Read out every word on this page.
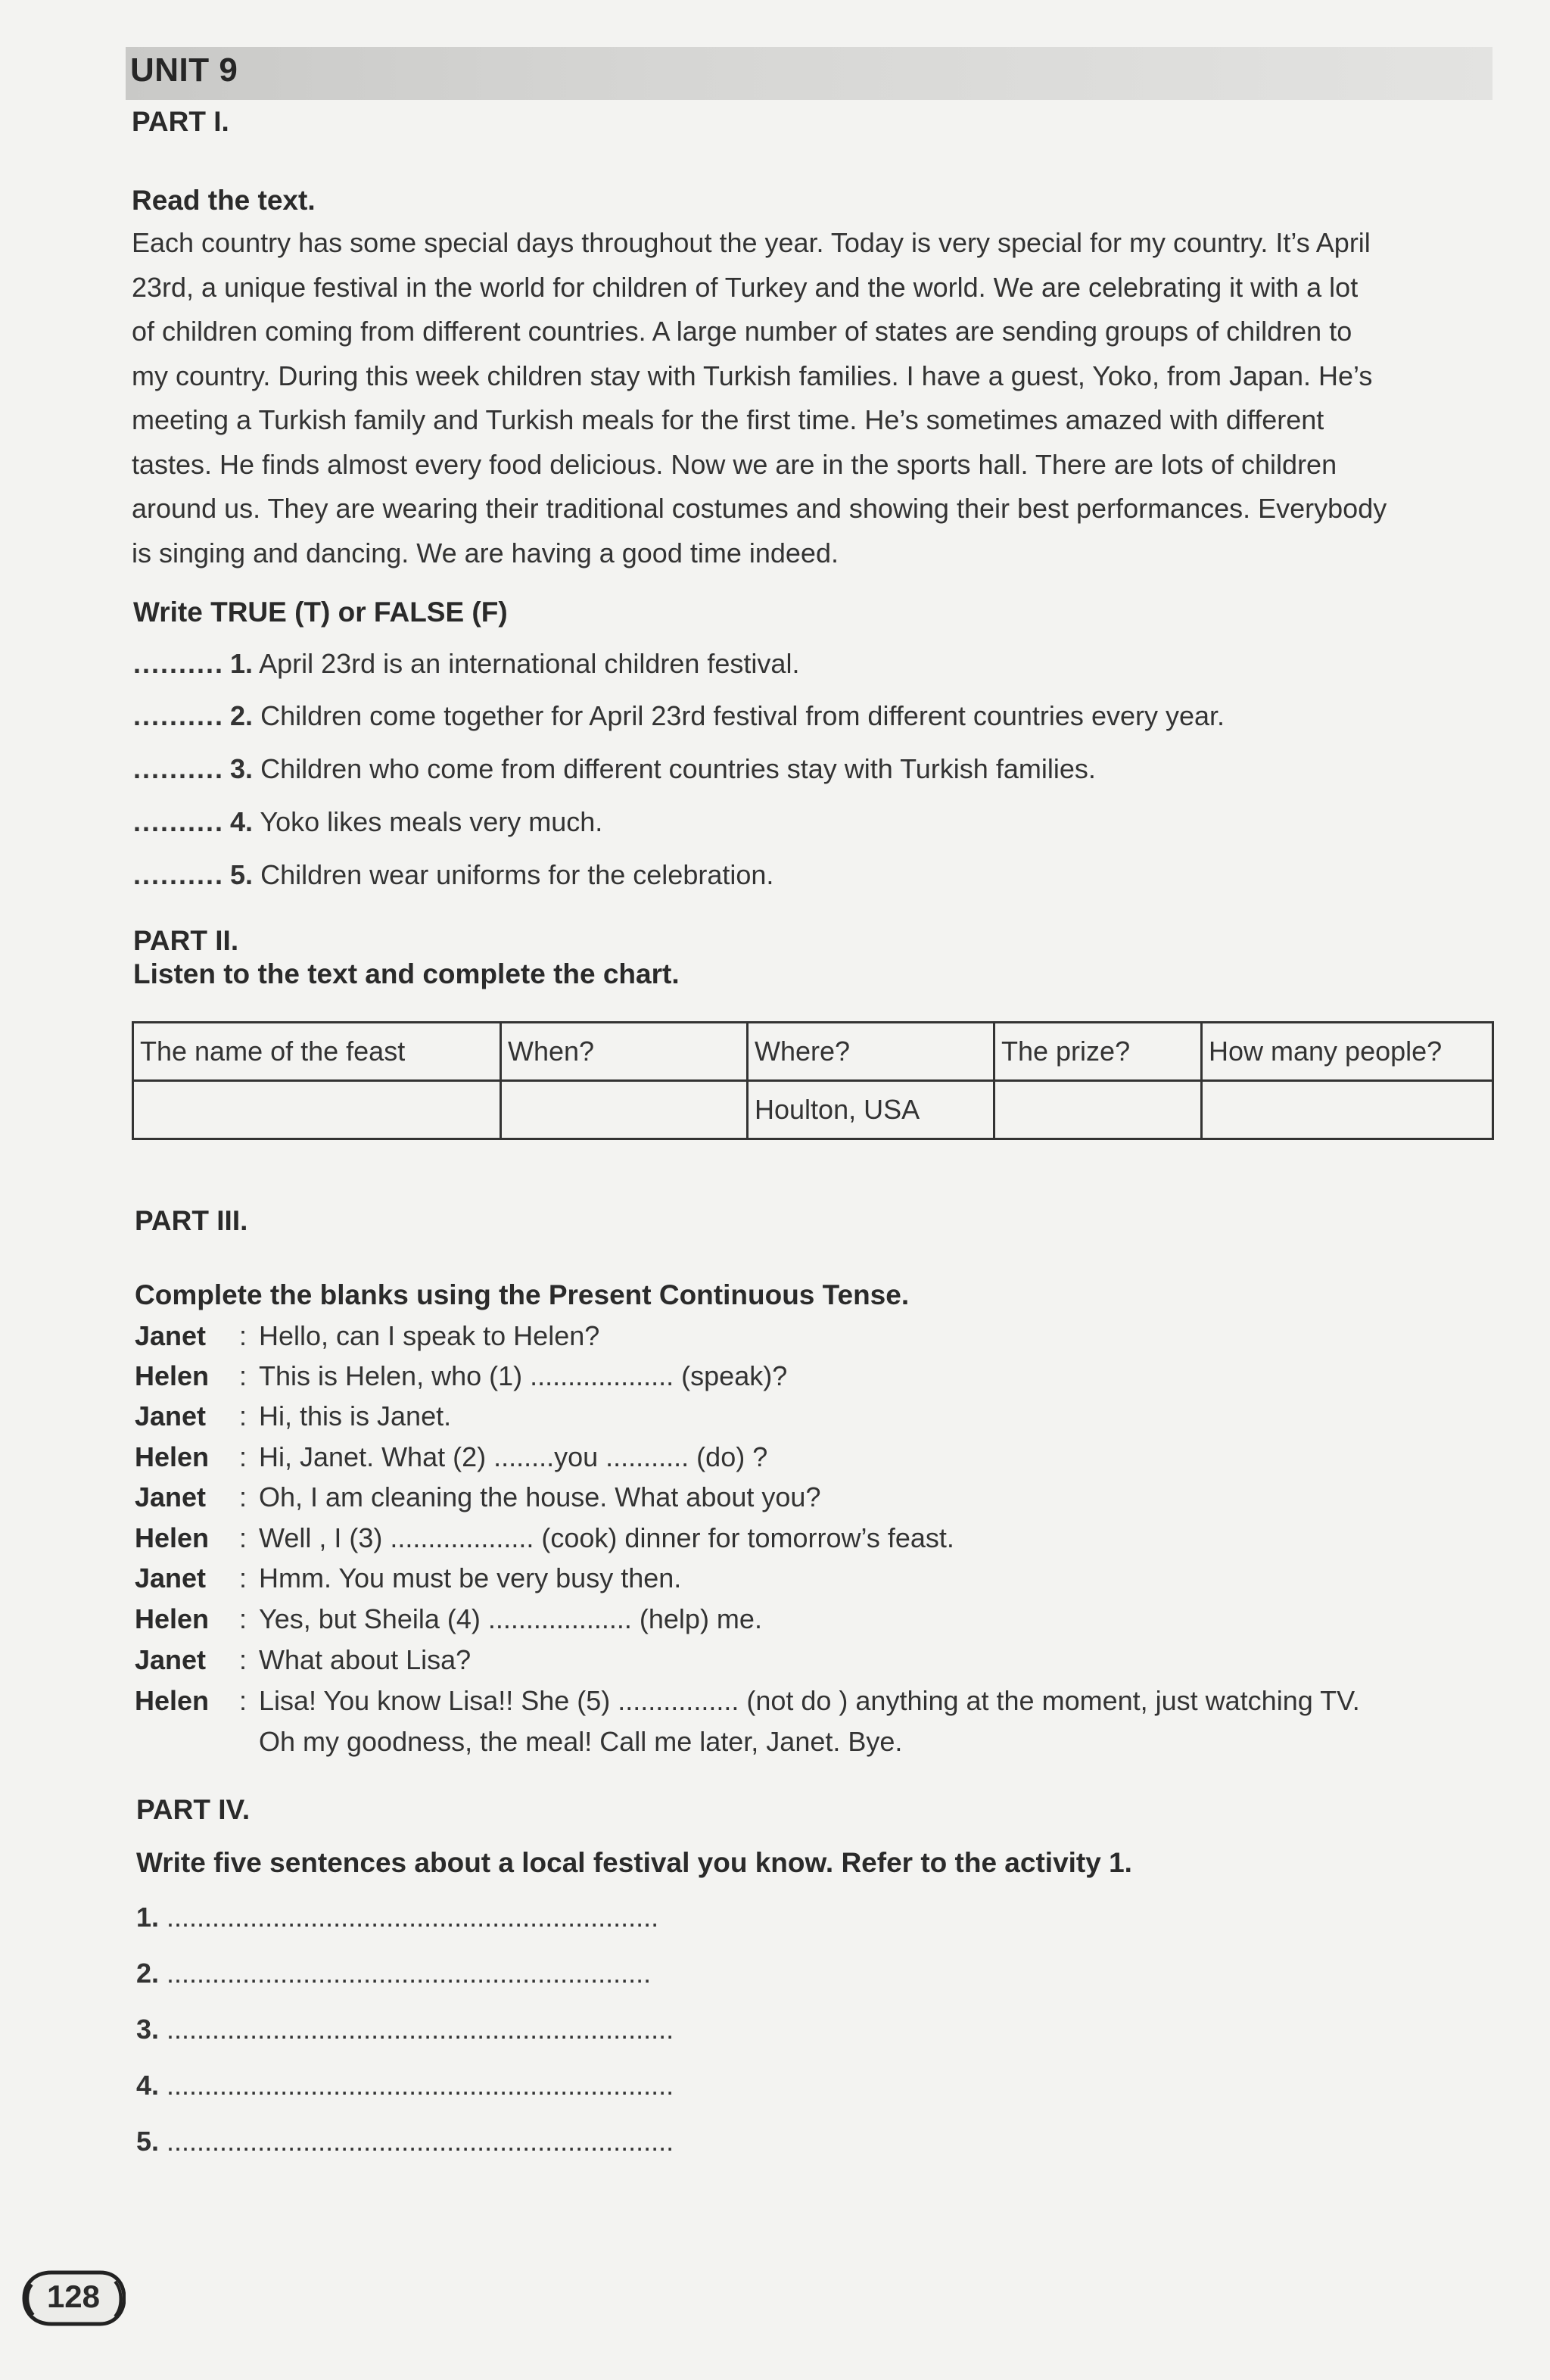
UNIT 9
PART I.
Read the text.
Each country has some special days throughout the year. Today is very special for my country. It’s April
23rd, a unique festival in the world for children of Turkey and the world. We are celebrating it with a lot
of children coming from different countries. A large number of states are sending groups of children to
my country. During this week children stay with Turkish families. I have a guest, Yoko, from Japan. He’s
meeting a Turkish family and Turkish meals for the first time. He’s sometimes amazed with different
tastes. He finds almost every food delicious. Now we are in the sports hall. There are lots of children
around us. They are wearing their traditional costumes and showing their best performances. Everybody
is singing and dancing. We are having a good time indeed.
Write TRUE (T) or FALSE (F)
.......... 1. April 23rd is an international children festival.
.......... 2. Children come together for April 23rd festival from different countries every year.
.......... 3. Children who come from different countries stay with Turkish families.
.......... 4. Yoko likes meals very much.
.......... 5. Children wear uniforms for the celebration.
PART II.
Listen to the text and complete the chart.
The name of the feast	When?	Where?	The prize?	How many people?
		Houlton, USA		
PART III.
Complete the blanks using the Present Continuous Tense.
Janet : Hello, can I speak to Helen?
Helen : This is Helen, who (1) ................... (speak)?
Janet : Hi, this is Janet.
Helen : Hi, Janet. What (2) ........you ........... (do) ?
Janet : Oh, I am cleaning the house. What about you?
Helen : Well , I (3) ................... (cook) dinner for tomorrow’s feast.
Janet : Hmm. You must be very busy then.
Helen : Yes, but Sheila (4) ................... (help) me.
Janet : What about Lisa?
Helen : Lisa! You know Lisa!! She (5) ................ (not do ) anything at the moment, just watching TV.
Oh my goodness, the meal! Call me later, Janet. Bye.
PART IV.
Write five sentences about a local festival you know. Refer to the activity 1.
1. .................................................................
2. ................................................................
3. ...................................................................
4. ...................................................................
5. ...................................................................
128
